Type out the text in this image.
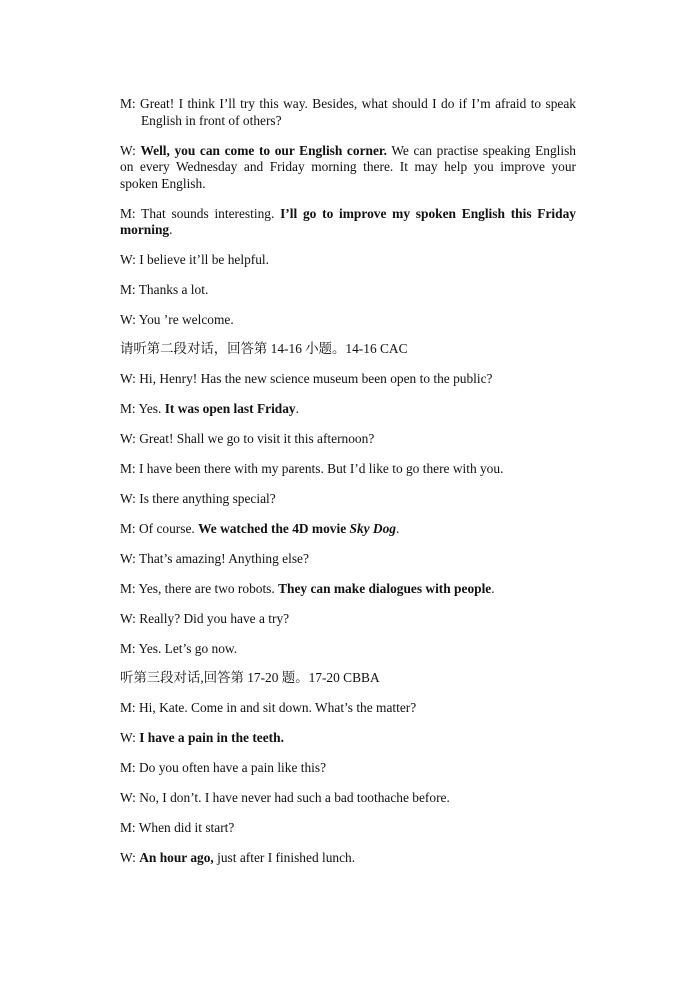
M: Great! I think I’ll try this way. Besides, what should I do if I’m afraid to speak English in front of others?

W: Well, you can come to our English corner. We can practise speaking English on every Wednesday and Friday morning there. It may help you improve your spoken English.

M: That sounds interesting. I’ll go to improve my spoken English this Friday morning.

W: I believe it’ll be helpful.

M: Thanks a lot.

W: You ’re welcome.

请听第二段对话，回答第 14-16 小题。14-16 CAC

W: Hi, Henry! Has the new science museum been open to the public?

M: Yes. It was open last Friday.

W: Great! Shall we go to visit it this afternoon?

M: I have been there with my parents. But I’d like to go there with you.

W: Is there anything special?

M: Of course. We watched the 4D movie Sky Dog.

W: That’s amazing! Anything else?

M: Yes, there are two robots. They can make dialogues with people.

W: Really? Did you have a try?

M: Yes. Let’s go now.

听第三段对话,回答第 17-20 题。17-20 CBBA

M: Hi, Kate. Come in and sit down. What’s the matter?

W: I have a pain in the teeth.

M: Do you often have a pain like this?

W: No, I don’t. I have never had such a bad toothache before.

M: When did it start?

W: An hour ago, just after I finished lunch.
